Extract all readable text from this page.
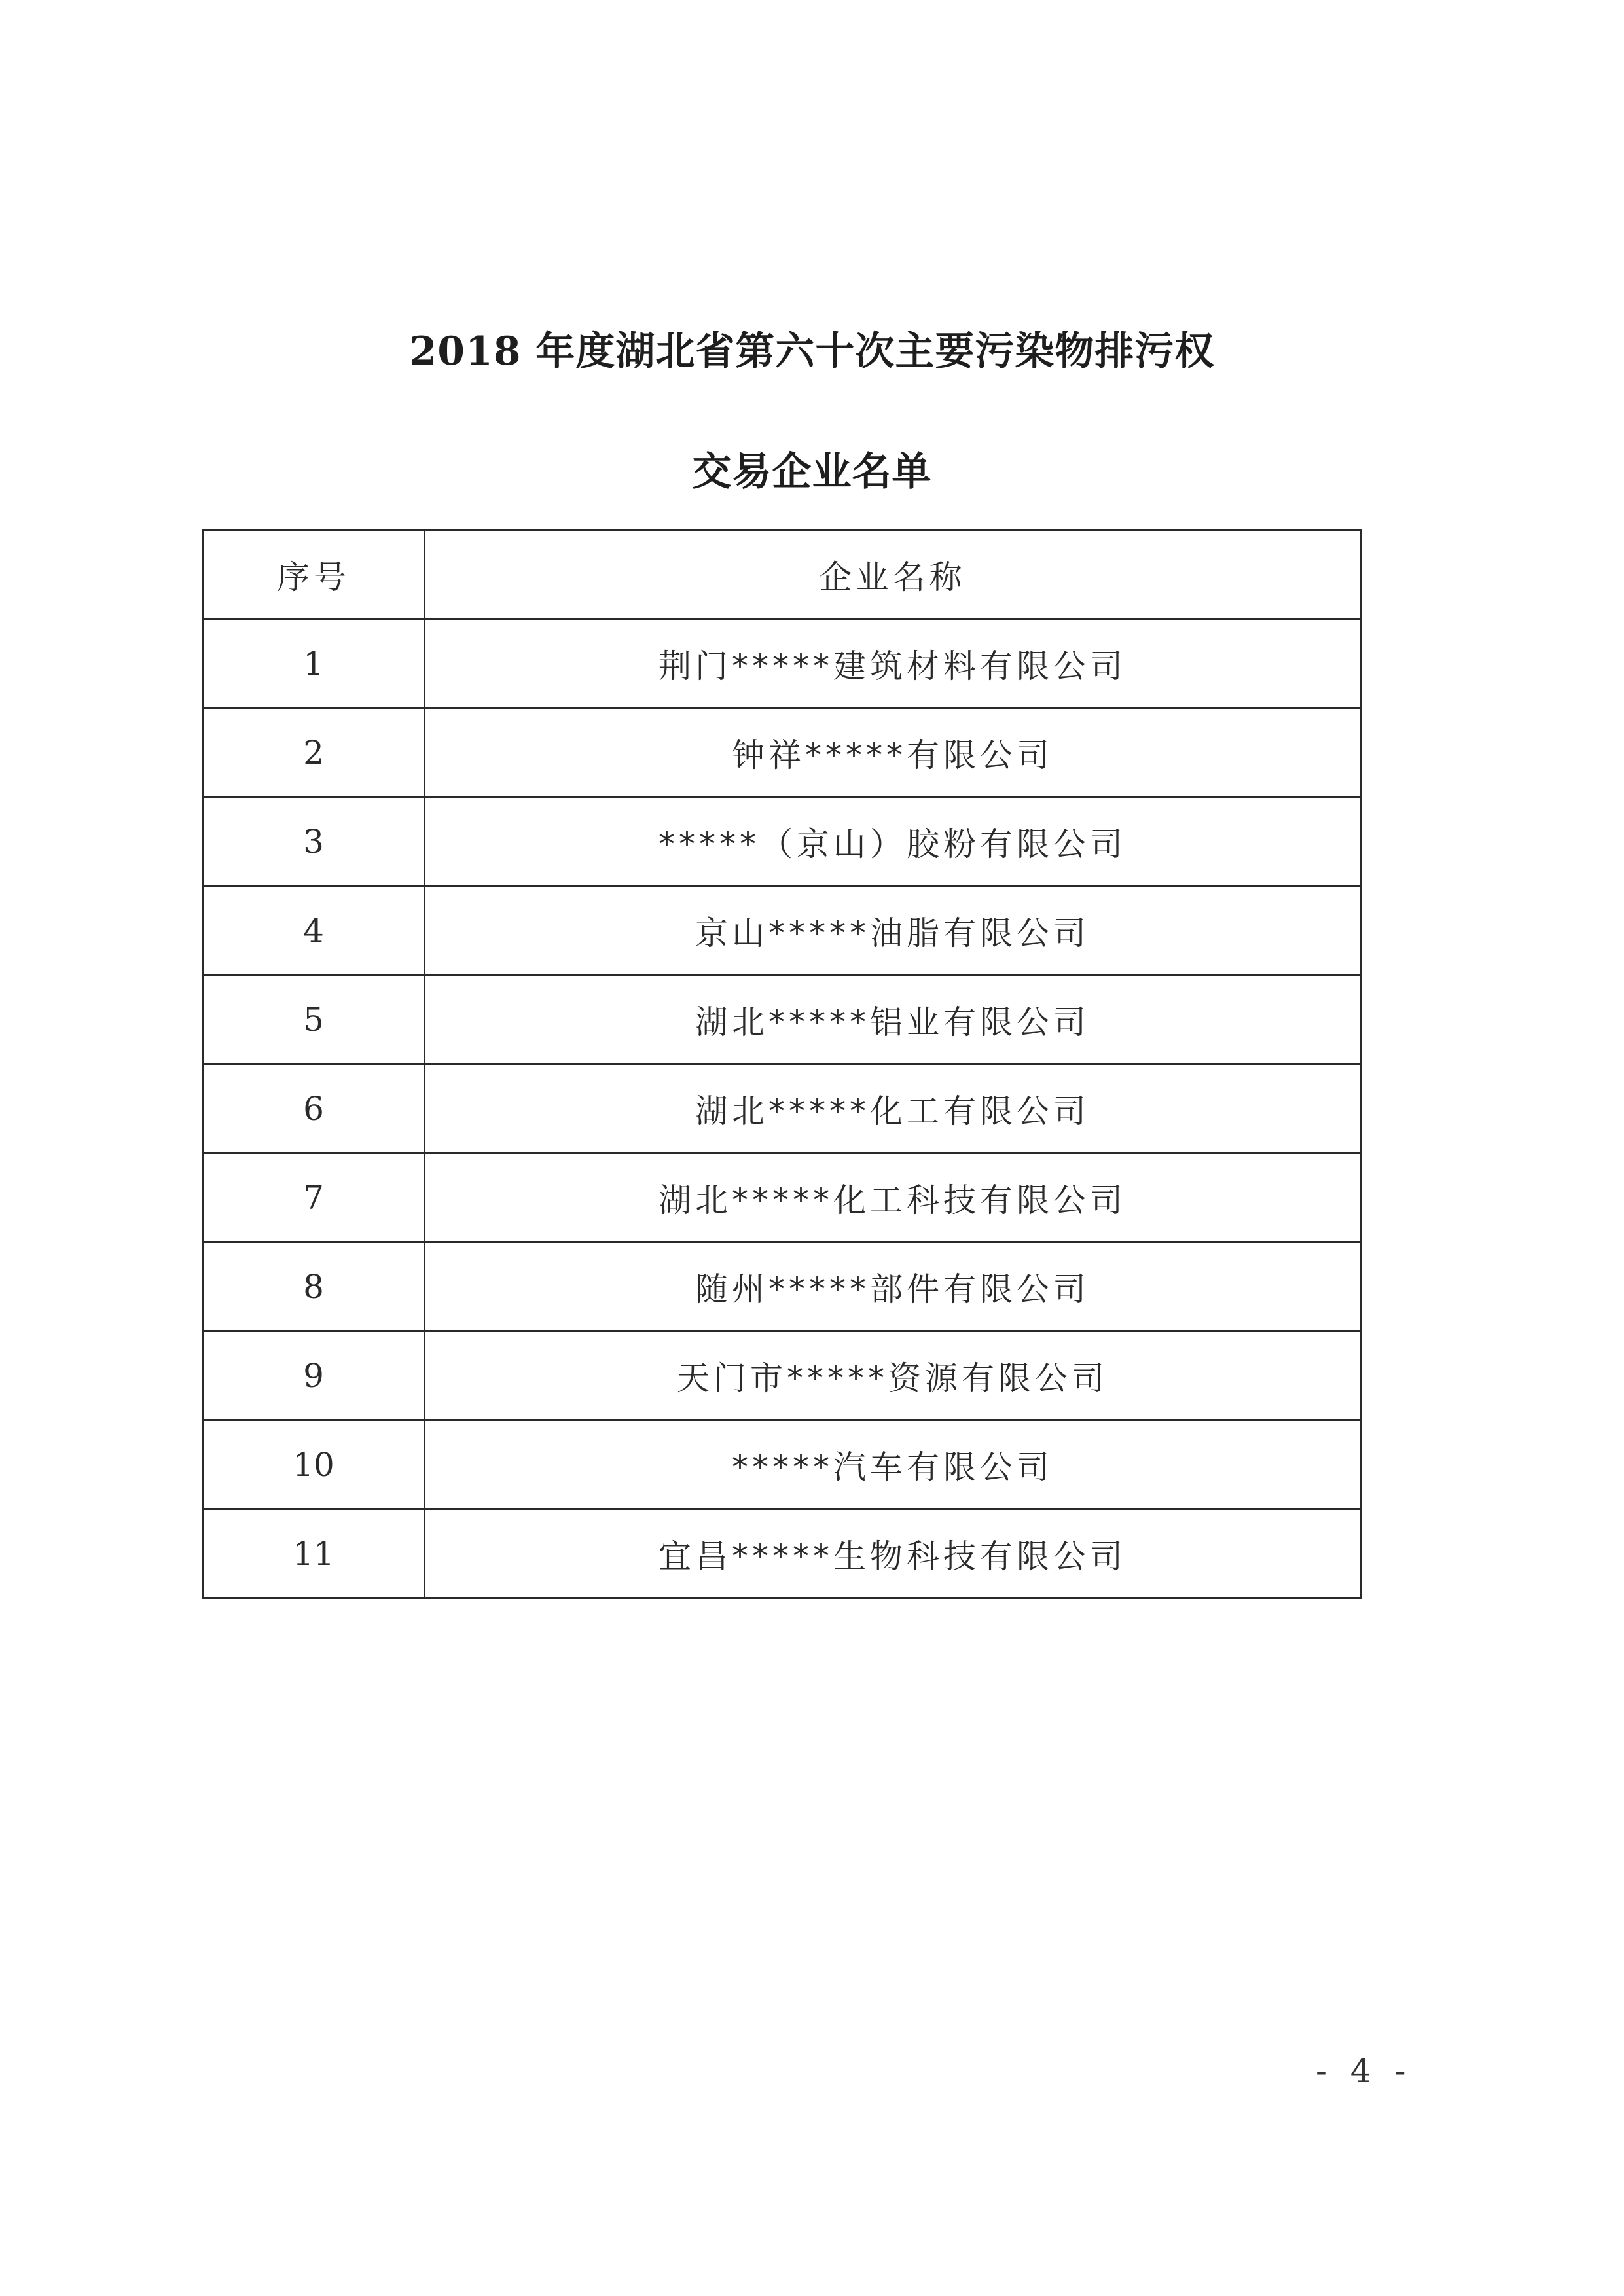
2018 年度湖北省第六十次主要污染物排污权
交易企业名单
序号	企业名称
1	荆门*****建筑材料有限公司
2	钟祥*****有限公司
3	*****（京山）胶粉有限公司
4	京山*****油脂有限公司
5	湖北*****铝业有限公司
6	湖北*****化工有限公司
7	湖北*****化工科技有限公司
8	随州*****部件有限公司
9	天门市*****资源有限公司
10	*****汽车有限公司
11	宜昌*****生物科技有限公司
- 4 -
